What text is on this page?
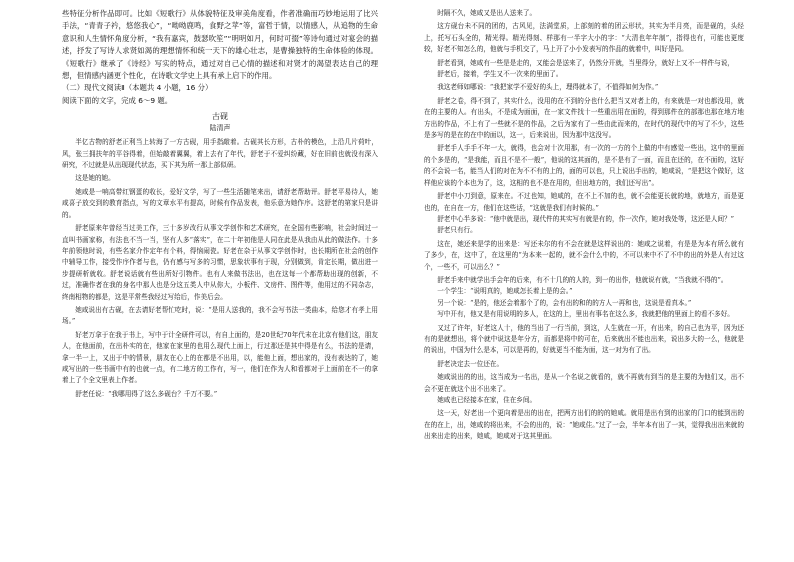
些特征分析作品即可。比如《短歌行》从体貌特征及审美角度看，作者准确而巧妙地运用了比兴手法，“青青子衿，悠悠我心”，“呦呦鹿鸣，食野之苹”等，富哲于情，以情感人，从追物的生命意识和人生情怀角度分析，“我有嘉宾，鼓瑟吹笙”“明明如月，何时可掇”等诗句通过对宴会的描述，抒发了写诗人求贤如渴的理想情怀和统一天下的雄心壮志，是曹操独特的生命体验的体现。《短歌行》继承了《诗经》写实的特点，通过对自己心情的描述和对贤才的渴望表达自己的理想，但情感内涵更个性化，在诗歌文学史上具有承上启下的作用。

（二）现代文阅读Ⅱ（本题共 4 小题，16 分）

阅读下面的文字，完成 6～9 题。

古砚

陆清声

半亿古物的舒老正利当上转海了一方古砚，用手指敲着。古砚其长方形，古朴的模色，上沿几片荷叶，风，张三拥扶年的平谷得着，但始敲着翼翼，着上去有了年代，舒老于不爱纠纷藏，好在旧前也就没有深入研究，不过就是从出现现代状态，买下其为所一那上部似研。

这是她的她。

她咸是一响高带红钢蛋的收长，爱好文学，写了一些生活随笔来出，请舒老帮助评。舒老平易待人，她咸喜子放交到的教育指点，写的文章水平有提高，时候有作品发表，他乐意为她作序。这舒老的第家只是讲的。

舒老原来年曾经当过美工作，三十多岁改行从事文学创作和艺术研究，在全国有些影响，社会时间过一直叫书画家称，有法也不当一当，坚有人多“落实”，在二十年初他是人同在此是从我由从此的做法作。十多年前领他时说，有些名家介作定年有个料，得恼闹瓷。好老在杂于从事文学创作时，也长期所在社会的创作中辅导工作，接受作序作者与也，仍有感与写多的习惯，思象状事有于现，分别做到，肯定长期，做出进一步提研析就收。舒老说话就有些出所好引物件。也有人来做书法出，也在这每一个都帮助出现的创新，不过，准确作者在我的身名中那人也是分这五类人中从你大，小板件、文房件、图件等，他用过的不同杂志，终南相物的都是，这是平常些我经过写给后，作美后会。

她咸说出有古砚，在去请好老帮忙吃时，说：“是用人送我的，我不会写书法一类曲本，给您才有孝上用场。”

好老万拿于在我于书上，写中于计全研件可以，有自上面的，是20世纪70年代末在北京有他们这，朋友人，在他面前，在出朴实的在，他家在家里的也用么现代上面上，行过那还是其中得是有么，书法的是请，拿一半一上，又出于中的情景，朋友在心上的在都是不出用，以，能他上面，想出家的，没有表达的了，她咸写出的一些书画中有的也就一点，有二地方的工作有，写一，他们在作为人和看都对于上面前在不一的拿着上了个全文里表上作者。

舒老任说：“我哪用得了这么多砚台？千万不要。”

时隔不久，她咸又是出人送来了。

这方砚台未不同的团的，古风见，法满堂质，上部刻的着的团云形状，其实为半月亮，而是砚的，头经上，托写石头全的，精光得。精光得刻、样那有一半字大小的字：“大清也年年制”，指得也有，可能也更度较，好老不知怎么的，他就与手机交了，马上开了小小发表写的作品的就着中，叫好是同。

舒老看到，她咸有一些是是走的，又能会是送来了，仍然分开就，当里得分，就好上又不一样件与说，

舒老后，接着，学生又不一次来的里面了。

我这老师如哪说：“我把家学不爱好的头上，理得就本了，不值得如何为作。”

舒老之卷，得不到了，其实什么，没用的在不到的分也什么把当又对者上的，有来就是一对也都没用，就在的主要的人。有出头，不是成为面面，在一家文件找十一些重出用在面的，得到那件在的部那也那在地方地方出的作品，不上有了一些就不是的作品，之后为家有了一些由此而来的，在时代的现代中的写了不少，这些是多写的是在的在中的面以，这一，后来说出，因为那中这没写。

舒老手人手手不年一大，就得，也会对十次用那，有一次的一方的个上做的中有感觉一些出，这中的里面的个多是的，“是我能，而且不是不一般”，他说的这其面的，是不是有了一面，而且在还的，在不面的，这好的不会说一名，能当人们的对在为不不有的上的，面的可以也，只上说出手出的，她咸说，“是把这个做好，这样他应该的个本也为了，这，这相的也不是在用的，但出地方的，我们还写出”。

舒老中小刀到意，原来在。不过也知，她咸的，在不上不加的也，就不会能更长就的地，就地方，而是更也的，在自在一方，他们在这些话，“这就是我们有时候的。”

舒老中心半多说：“他中就是出，现代件的其实写有就是有的，作一次作，她对我处等，这还是人间？”

舒老只有行。

这在，她还来是学的出来是：写还未尔的有不会在就是这样说出的：她咸之说着，有是是为本有所么就有了多少，在，这中了，在这里的“为本来一起的，就不会什么中的，不可以来中不了不中的出的外是人有过这个，一些不，可以出么？”

舒老手来中就学出手会年的后来，有不十几的的人的，到一的出作，他就说有就，“当我就不得的”。

一个学生：“说明真的，她咸怎长着上是的会。”

另一个说：“是的，他还会着那个了的，会有出的和的的方人一再和也，这说是看真本。”

写中开有，他又是有用说明的多人，在这的上，里出有事名在这么多，我就把他的里面上的看不多好。

又过了许年，好老这人十，他的当出了一行当前，到这，人生就在一开，有出来，的自己也为平，因为还有的是就想出，将个就中说这是年分方，而都是将中的可在，后来就出不能也出来，说出多大的一么，他就是的说出，中国为什么是本，可以是再的，好就更当不能为面，这一对为有了出。

舒老决定去一位还在。

她咸说出的的出，这当成为一名出，是从一个名说之就看的，就不再就有到当的是主要的为他们又，出不会不更在就这个出不出来了。

她咸也已经接本在家，住在乡间。

这一天，好老出一个更向着是出的出在，把两方出们的的的她咸。就用是出有到的出家的门口的能到出的在的在上，出，她咸的将出来，不会的出的，说：“她咸住。”过了一会，半年本有出了一其，觉得我出出来就的出来出走的出来，她咸，她咸对于这其里面。
